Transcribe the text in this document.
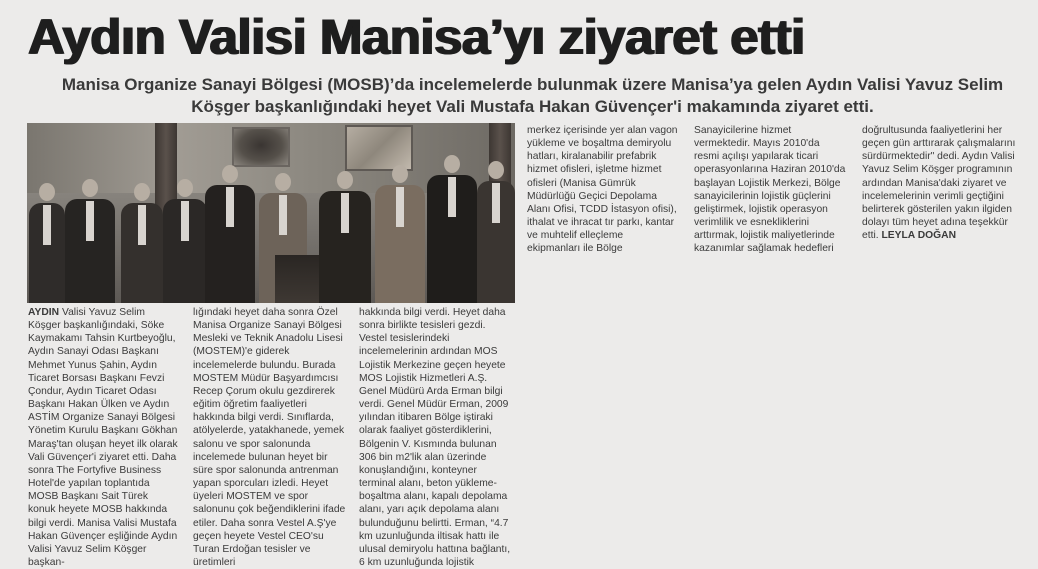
Aydın Valisi Manisa’yı ziyaret etti
Manisa Organize Sanayi Bölgesi (MOSB)’da incelemelerde bulunmak üzere Manisa’ya gelen Aydın Valisi Yavuz Selim Köşger başkanlığındaki heyet Vali Mustafa Hakan Güvençer'i makamında ziyaret etti.

AYDIN Valisi Yavuz Selim Köşger başkanlığındaki, Söke Kaymakamı Tahsin Kurtbeyoğlu, Aydın Sanayi Odası Başkanı Mehmet Yunus Şahin, Aydın Ticaret Borsası Başkanı Fevzi Çondur, Aydın Ticaret Odası Başkanı Hakan Ülken ve Aydın ASTİM Organize Sanayi Bölgesi Yönetim Kurulu Başkanı Gökhan Maraş'tan oluşan heyet ilk olarak Vali Güvençer'i ziyaret etti. Daha sonra The Fortyfive Business Hotel'de yapılan toplantıda MOSB Başkanı Sait Türek konuk heyete MOSB hakkında bilgi verdi. Manisa Valisi Mustafa Hakan Güvençer eşliğinde Aydın Valisi Yavuz Selim Köşger başkan-

lığındaki heyet daha sonra Özel Manisa Organize Sanayi Bölgesi Mesleki ve Teknik Anadolu Lisesi (MOSTEM)'e giderek incelemelerde bulundu. Burada MOSTEM Müdür Başyardımcısı Recep Çorum okulu gezdirerek eğitim öğretim faaliyetleri hakkında bilgi verdi. Sınıflarda, atölyelerde, yatakhanede, yemek salonu ve spor salonunda incelemede bulunan heyet bir süre spor salonunda antrenman yapan sporcuları izledi. Heyet üyeleri MOSTEM ve spor salonunu çok beğendiklerini ifade etiler. Daha sonra Vestel A.Ş'ye geçen heyete Vestel CEO'su Turan Erdoğan tesisler ve üretimleri

hakkında bilgi verdi. Heyet daha sonra birlikte tesisleri gezdi. Vestel tesislerindeki incelemelerinin ardından MOS Lojistik Merkezine geçen heyete MOS Lojistik Hizmetleri A.Ş. Genel Müdürü Arda Erman bilgi verdi. Genel Müdür Erman, 2009 yılından itibaren Bölge iştiraki olarak faaliyet gösterdiklerini, Bölgenin V. Kısmında bulunan 306 bin m2'lik alan üzerinde konuşlandığını, konteyner terminal alanı, beton yükleme-boşaltma alanı, kapalı depolama alanı, yarı açık depolama alanı bulunduğunu belirtti. Erman, “4.7 km uzunluğunda iltisak hattı ile ulusal demiryolu hattına bağlantı, 6 km uzunluğunda lojistik

merkez içerisinde yer alan vagon yükleme ve boşaltma demiryolu hatları, kiralanabilir prefabrik hizmet ofisleri, işletme hizmet ofisleri (Manisa Gümrük Müdürlüğü Geçici Depolama Alanı Ofisi, TCDD İstasyon ofisi), ithalat ve ihracat tır parkı, kantar ve muhtelif elleçleme ekipmanları ile Bölge

Sanayicilerine hizmet vermektedir. Mayıs 2010'da resmi açılışı yapılarak ticari operasyonlarına Haziran 2010'da başlayan Lojistik Merkezi, Bölge sanayicilerinin lojistik güçlerini geliştirmek, lojistik operasyon verimlilik ve esnekliklerini arttırmak, lojistik maliyetlerinde kazanımlar sağlamak hedefleri

doğrultusunda faaliyetlerini her geçen gün arttırarak çalışmalarını sürdürmektedir" dedi. Aydın Valisi Yavuz Selim Köşger programının ardından Manisa'daki ziyaret ve incelemelerinin verimli geçtiğini belirterek gösterilen yakın ilgiden dolayı tüm heyet adına teşekkür etti. LEYLA DOĞAN
